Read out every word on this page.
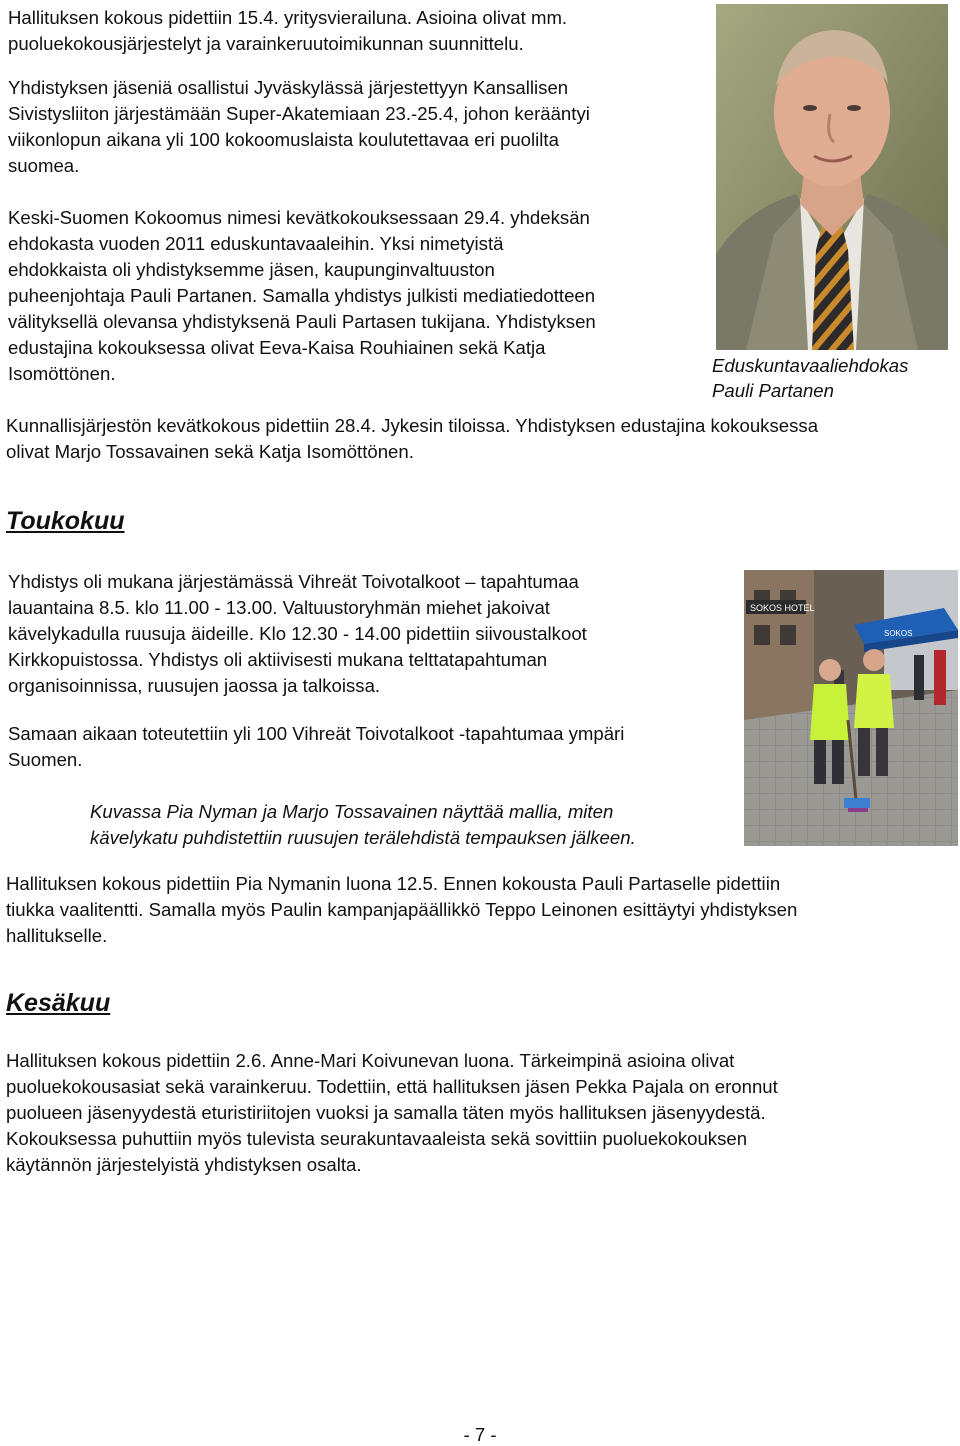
Hallituksen kokous pidettiin 15.4. yritysvierailuna. Asioina olivat mm.
puoluekokousjärjestelyt ja varainkeruutoimikunnan suunnittelu.

Yhdistyksen jäseniä osallistui Jyväskylässä järjestettyyn Kansallisen
Sivistysliiton järjestämään Super-Akatemiaan 23.-25.4, johon kerääntyi
viikonlopun aikana yli 100 kokoomuslaista koulutettavaa eri puolilta
suomea.

Keski-Suomen Kokoomus nimesi kevätkokouksessaan 29.4. yhdeksän
ehdokasta vuoden 2011 eduskuntavaaleihin. Yksi nimetyistä
ehdokkaista oli yhdistyksemme jäsen, kaupunginvaltuuston
puheenjohtaja Pauli Partanen. Samalla yhdistys julkisti mediatiedotteen
välityksellä olevansa yhdistyksenä Pauli Partasen tukijana. Yhdistyksen
edustajina kokouksessa olivat Eeva-Kaisa Rouhiainen sekä Katja
Isomöttönen.	Eduskuntavaaliehdokas
Pauli Partanen

Kunnallisjärjestön kevätkokous pidettiin 28.4. Jykesin tiloissa. Yhdistyksen edustajina kokouksessa
olivat Marjo Tossavainen sekä Katja Isomöttönen.

Toukokuu

Yhdistys oli mukana järjestämässä Vihreät Toivotalkoot – tapahtumaa
lauantaina 8.5. klo 11.00 - 13.00. Valtuustoryhmän miehet jakoivat
kävelykadulla ruusuja äideille. Klo 12.30 - 14.00 pidettiin siivoustalkoot
Kirkkopuistossa. Yhdistys oli aktiivisesti mukana telttatapahtuman
organisoinnissa, ruusujen jaossa ja talkoissa.

Samaan aikaan toteutettiin yli 100 Vihreät Toivotalkoot -tapahtumaa ympäri
Suomen.

SOKOS HOTEL
SOKOS

Kuvassa Pia Nyman ja Marjo Tossavainen näyttää mallia, miten
kävelykatu puhdistettiin ruusujen terälehdistä tempauksen jälkeen.

Hallituksen kokous pidettiin Pia Nymanin luona 12.5. Ennen kokousta Pauli Partaselle pidettiin
tiukka vaalitentti. Samalla myös Paulin kampanjapäällikkö Teppo Leinonen esittäytyi yhdistyksen
hallitukselle.

Kesäkuu

Hallituksen kokous pidettiin 2.6. Anne-Mari Koivunevan luona. Tärkeimpinä asioina olivat
puoluekokousasiat sekä varainkeruu. Todettiin, että hallituksen jäsen Pekka Pajala on eronnut
puolueen jäsenyydestä eturistiriitojen vuoksi ja samalla täten myös hallituksen jäsenyydestä.
Kokouksessa puhuttiin myös tulevista seurakuntavaaleista sekä sovittiin puoluekokouksen
käytännön järjestelyistä yhdistyksen osalta.

- 7 -
